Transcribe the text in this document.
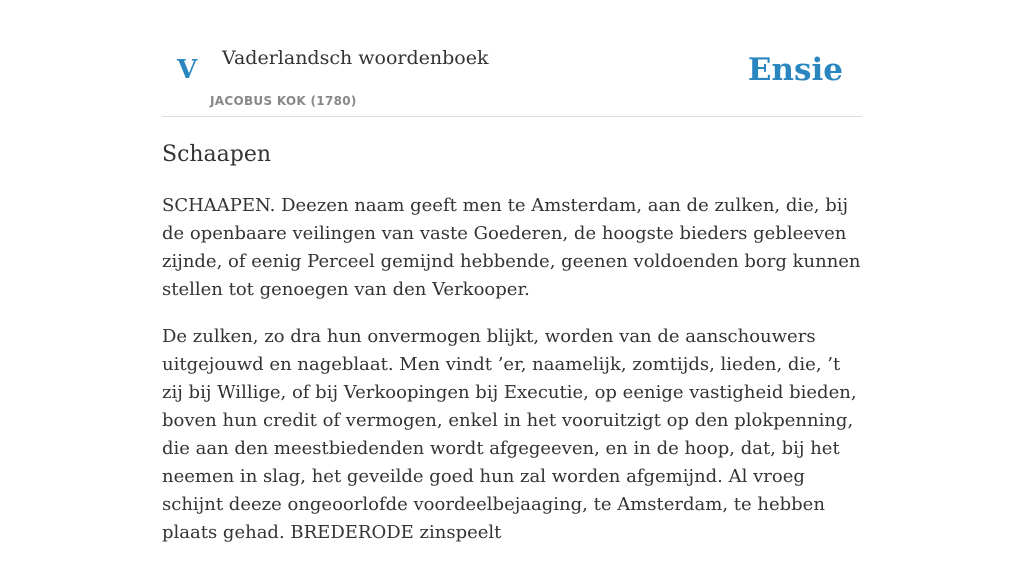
V Vaderlandsch woordenboek
JACOBUS KOK (1780)
Ensie
Schaapen

SCHAAPEN. Deezen naam geeft men te Amsterdam, aan de zulken, die, bij de openbaare veilingen van vaste Goederen, de hoogste bieders gebleeven zijnde, of eenig Perceel gemijnd hebbende, geenen voldoenden borg kunnen stellen tot genoegen van den Verkooper.

De zulken, zo dra hun onvermogen blijkt, worden van de aanschouwers uitgejouwd en nageblaat. Men vindt ’er, naamelijk, zomtijds, lieden, die, ’t zij bij Willige, of bij Verkoopingen bij Executie, op eenige vastigheid bieden, boven hun credit of vermogen, enkel in het vooruitzigt op den plokpenning, die aan den meestbiedenden wordt afgegeeven, en in de hoop, dat, bij het neemen in slag, het geveilde goed hun zal worden afgemijnd. Al vroeg schijnt deeze ongeoorlofde voordeelbejaaging, te Amsterdam, te hebben plaats gehad. BREDERODE zinspeelt
